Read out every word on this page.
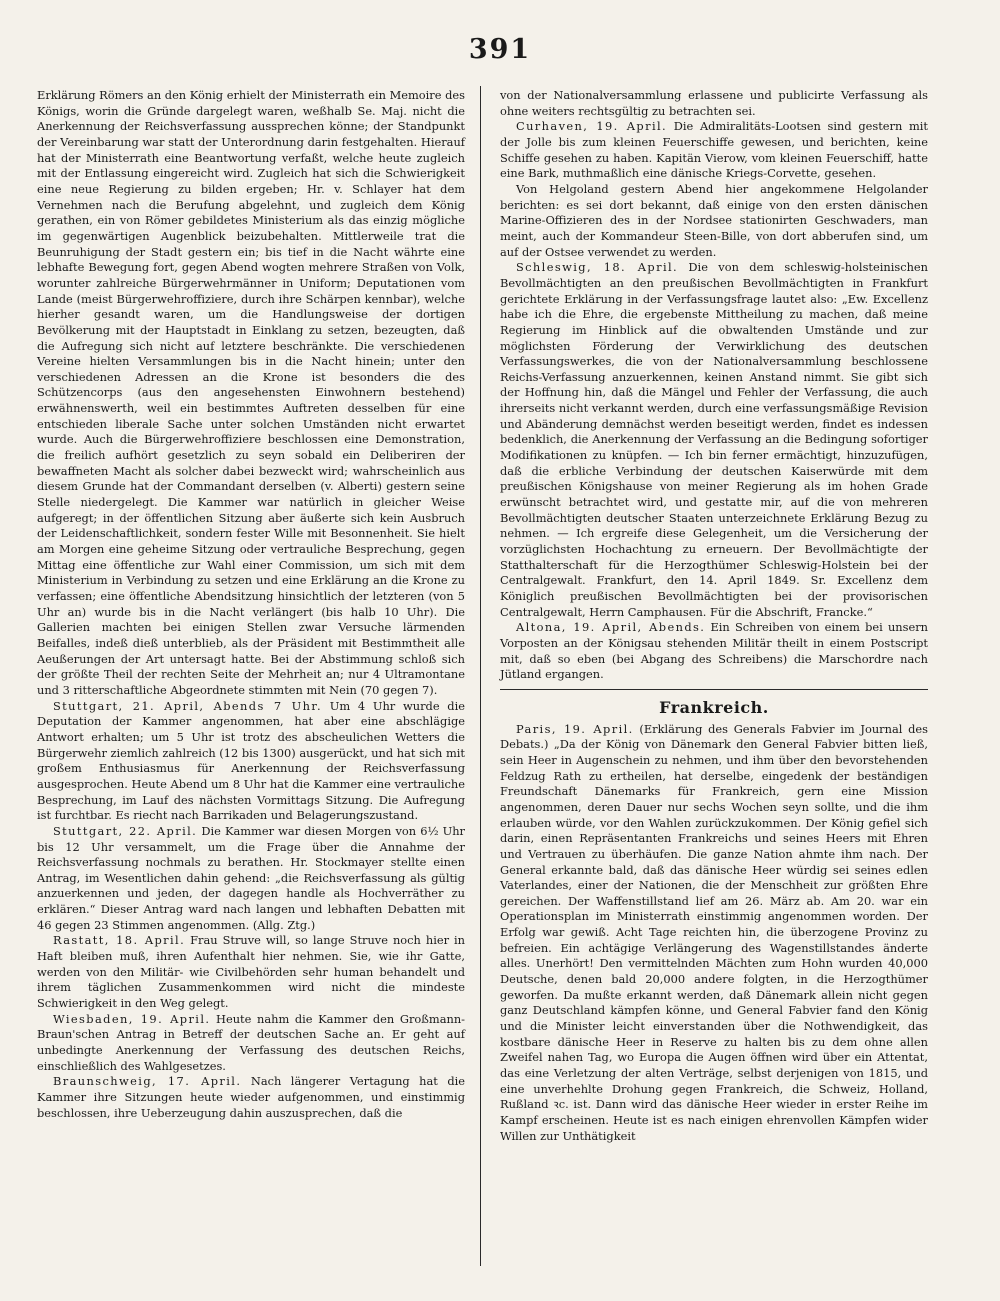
391

Erklärung Römers an den König erhielt der Ministerrath ein Memoire des Königs, worin die Gründe dargelegt waren, weßhalb Se. Maj. nicht die Anerkennung der Reichsverfassung aussprechen könne; der Standpunkt der Vereinbarung war statt der Unterordnung darin festgehalten. Hierauf hat der Ministerrath eine Beantwortung verfaßt, welche heute zugleich mit der Entlassung eingereicht wird. Zugleich hat sich die Schwierigkeit eine neue Regierung zu bilden ergeben; Hr. v. Schlayer hat dem Vernehmen nach die Berufung abgelehnt, und zugleich dem König gerathen, ein von Römer gebildetes Ministerium als das einzig mögliche im gegenwärtigen Augenblick beizubehalten. Mittlerweile trat die Beunruhigung der Stadt gestern ein; bis tief in die Nacht währte eine lebhafte Bewegung fort, gegen Abend wogten mehrere Straßen von Volk, worunter zahlreiche Bürgerwehrmänner in Uniform; Deputationen vom Lande (meist Bürgerwehroffiziere, durch ihre Schärpen kennbar), welche hierher gesandt waren, um die Handlungsweise der dortigen Bevölkerung mit der Hauptstadt in Einklang zu setzen, bezeugten, daß die Aufregung sich nicht auf letztere beschränkte. Die verschiedenen Vereine hielten Versammlungen bis in die Nacht hinein; unter den verschiedenen Adressen an die Krone ist besonders die des Schützencorps (aus den angesehensten Einwohnern bestehend) erwähnenswerth, weil ein bestimmtes Auftreten desselben für eine entschieden liberale Sache unter solchen Umständen nicht erwartet wurde. Auch die Bürgerwehroffiziere beschlossen eine Demonstration, die freilich aufhört gesetzlich zu seyn sobald ein Deliberiren der bewaffneten Macht als solcher dabei bezweckt wird; wahrscheinlich aus diesem Grunde hat der Commandant derselben (v. Alberti) gestern seine Stelle niedergelegt. Die Kammer war natürlich in gleicher Weise aufgeregt; in der öffentlichen Sitzung aber äußerte sich kein Ausbruch der Leidenschaftlichkeit, sondern fester Wille mit Besonnenheit. Sie hielt am Morgen eine geheime Sitzung oder vertrauliche Besprechung, gegen Mittag eine öffentliche zur Wahl einer Commission, um sich mit dem Ministerium in Verbindung zu setzen und eine Erklärung an die Krone zu verfassen; eine öffentliche Abendsitzung hinsichtlich der letzteren (von 5 Uhr an) wurde bis in die Nacht verlängert (bis halb 10 Uhr). Die Gallerien machten bei einigen Stellen zwar Versuche lärmenden Beifalles, indeß dieß unterblieb, als der Präsident mit Bestimmtheit alle Aeußerungen der Art untersagt hatte. Bei der Abstimmung schloß sich der größte Theil der rechten Seite der Mehrheit an; nur 4 Ultramontane und 3 ritterschaftliche Abgeordnete stimmten mit Nein (70 gegen 7).

Stuttgart, 21. April, Abends 7 Uhr. Um 4 Uhr wurde die Deputation der Kammer angenommen, hat aber eine abschlägige Antwort erhalten; um 5 Uhr ist trotz des abscheulichen Wetters die Bürgerwehr ziemlich zahlreich (12 bis 1300) ausgerückt, und hat sich mit großem Enthusiasmus für Anerkennung der Reichsverfassung ausgesprochen. Heute Abend um 8 Uhr hat die Kammer eine vertrauliche Besprechung, im Lauf des nächsten Vormittags Sitzung. Die Aufregung ist furchtbar. Es riecht nach Barrikaden und Belagerungszustand.

Stuttgart, 22. April. Die Kammer war diesen Morgen von 6½ Uhr bis 12 Uhr versammelt, um die Frage über die Annahme der Reichsverfassung nochmals zu berathen. Hr. Stockmayer stellte einen Antrag, im Wesentlichen dahin gehend: „die Reichsverfassung als gültig anzuerkennen und jeden, der dagegen handle als Hochverräther zu erklären.“ Dieser Antrag ward nach langen und lebhaften Debatten mit 46 gegen 23 Stimmen angenommen. (Allg. Ztg.)

Rastatt, 18. April. Frau Struve will, so lange Struve noch hier in Haft bleiben muß, ihren Aufenthalt hier nehmen. Sie, wie ihr Gatte, werden von den Militär- wie Civilbehörden sehr human behandelt und ihrem täglichen Zusammenkommen wird nicht die mindeste Schwierigkeit in den Weg gelegt.

Wiesbaden, 19. April. Heute nahm die Kammer den Großmann-Braun'schen Antrag in Betreff der deutschen Sache an. Er geht auf unbedingte Anerkennung der Verfassung des deutschen Reichs, einschließlich des Wahlgesetzes.

Braunschweig, 17. April. Nach längerer Vertagung hat die Kammer ihre Sitzungen heute wieder aufgenommen, und einstimmig beschlossen, ihre Ueberzeugung dahin auszusprechen, daß die

von der Nationalversammlung erlassene und publicirte Verfassung als ohne weiters rechtsgültig zu betrachten sei.

Curhaven, 19. April. Die Admiralitäts-Lootsen sind gestern mit der Jolle bis zum kleinen Feuerschiffe gewesen, und berichten, keine Schiffe gesehen zu haben. Kapitän Vierow, vom kleinen Feuerschiff, hatte eine Bark, muthmaßlich eine dänische Kriegs-Corvette, gesehen.

Von Helgoland gestern Abend hier angekommene Helgolander berichten: es sei dort bekannt, daß einige von den ersten dänischen Marine-Offizieren des in der Nordsee stationirten Geschwaders, man meint, auch der Kommandeur Steen-Bille, von dort abberufen sind, um auf der Ostsee verwendet zu werden.

Schleswig, 18. April. Die von dem schleswig-holsteinischen Bevollmächtigten an den preußischen Bevollmächtigten in Frankfurt gerichtete Erklärung in der Verfassungsfrage lautet also: „Ew. Excellenz habe ich die Ehre, die ergebenste Mittheilung zu machen, daß meine Regierung im Hinblick auf die obwaltenden Umstände und zur möglichsten Förderung der Verwirklichung des deutschen Verfassungswerkes, die von der Nationalversammlung beschlossene Reichs-Verfassung anzuerkennen, keinen Anstand nimmt. Sie gibt sich der Hoffnung hin, daß die Mängel und Fehler der Verfassung, die auch ihrerseits nicht verkannt werden, durch eine verfassungsmäßige Revision und Abänderung demnächst werden beseitigt werden, findet es indessen bedenklich, die Anerkennung der Verfassung an die Bedingung sofortiger Modifikationen zu knüpfen. — Ich bin ferner ermächtigt, hinzuzufügen, daß die erbliche Verbindung der deutschen Kaiserwürde mit dem preußischen Königshause von meiner Regierung als im hohen Grade erwünscht betrachtet wird, und gestatte mir, auf die von mehreren Bevollmächtigten deutscher Staaten unterzeichnete Erklärung Bezug zu nehmen. — Ich ergreife diese Gelegenheit, um die Versicherung der vorzüglichsten Hochachtung zu erneuern. Der Bevollmächtigte der Statthalterschaft für die Herzogthümer Schleswig-Holstein bei der Centralgewalt. Frankfurt, den 14. April 1849. Sr. Excellenz dem Königlich preußischen Bevollmächtigten bei der provisorischen Centralgewalt, Herrn Camphausen. Für die Abschrift, Francke.“

Altona, 19. April, Abends. Ein Schreiben von einem bei unsern Vorposten an der Königsau stehenden Militär theilt in einem Postscript mit, daß so eben (bei Abgang des Schreibens) die Marschordre nach Jütland ergangen.

Frankreich.

Paris, 19. April. (Erklärung des Generals Fabvier im Journal des Debats.) „Da der König von Dänemark den General Fabvier bitten ließ, sein Heer in Augenschein zu nehmen, und ihm über den bevorstehenden Feldzug Rath zu ertheilen, hat derselbe, eingedenk der beständigen Freundschaft Dänemarks für Frankreich, gern eine Mission angenommen, deren Dauer nur sechs Wochen seyn sollte, und die ihm erlauben würde, vor den Wahlen zurückzukommen. Der König gefiel sich darin, einen Repräsentanten Frankreichs und seines Heers mit Ehren und Vertrauen zu überhäufen. Die ganze Nation ahmte ihm nach. Der General erkannte bald, daß das dänische Heer würdig sei seines edlen Vaterlandes, einer der Nationen, die der Menschheit zur größten Ehre gereichen. Der Waffenstillstand lief am 26. März ab. Am 20. war ein Operationsplan im Ministerrath einstimmig angenommen worden. Der Erfolg war gewiß. Acht Tage reichten hin, die überzogene Provinz zu befreien. Ein achtägige Verlängerung des Wagenstillstandes änderte alles. Unerhört! Den vermittelnden Mächten zum Hohn wurden 40,000 Deutsche, denen bald 20,000 andere folgten, in die Herzogthümer geworfen. Da mußte erkannt werden, daß Dänemark allein nicht gegen ganz Deutschland kämpfen könne, und General Fabvier fand den König und die Minister leicht einverstanden über die Nothwendigkeit, das kostbare dänische Heer in Reserve zu halten bis zu dem ohne allen Zweifel nahen Tag, wo Europa die Augen öffnen wird über ein Attentat, das eine Verletzung der alten Verträge, selbst derjenigen von 1815, und eine unverhehlte Drohung gegen Frankreich, die Schweiz, Holland, Rußland ꝛc. ist. Dann wird das dänische Heer wieder in erster Reihe im Kampf erscheinen. Heute ist es nach einigen ehrenvollen Kämpfen wider Willen zur Unthätigkeit
